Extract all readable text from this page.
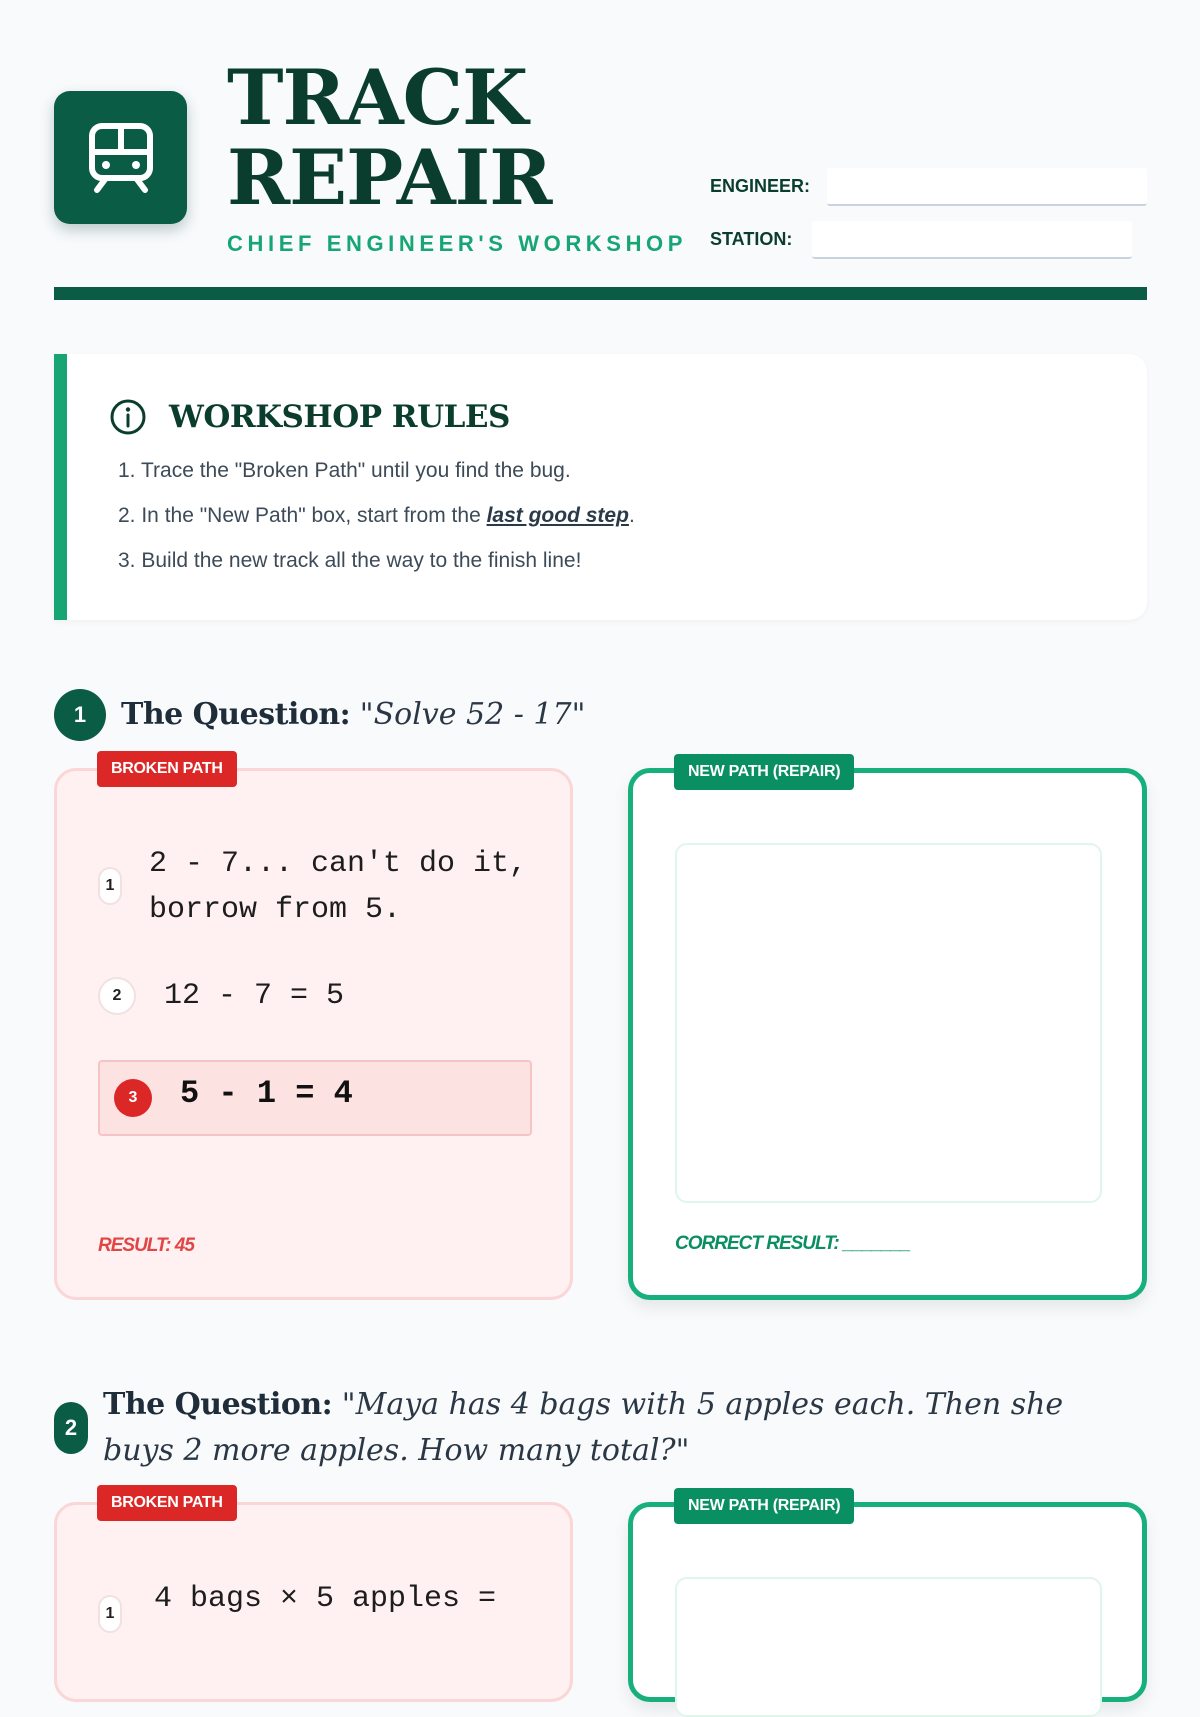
TRACK
REPAIR
CHIEF ENGINEER'S WORKSHOP
ENGINEER:
STATION:
WORKSHOP RULES
1. Trace the "Broken Path" until you find the bug.
2. In the "New Path" box, start from the last good step.
3. Build the new track all the way to the finish line!
1	The Question: "Solve 52 - 17"
1
2 - 7... can't do it,
borrow from 5.
2	12 - 7 = 5
3	5 - 1 = 4
RESULT: 45
BROKEN PATH
CORRECT RESULT: _______
NEW PATH (REPAIR)
2
The Question: "Maya has 4 bags with 5 apples each. Then she
buys 2 more apples. How many total?"
1 4 bags × 5 apples =
BROKEN PATH	NEW PATH (REPAIR)
